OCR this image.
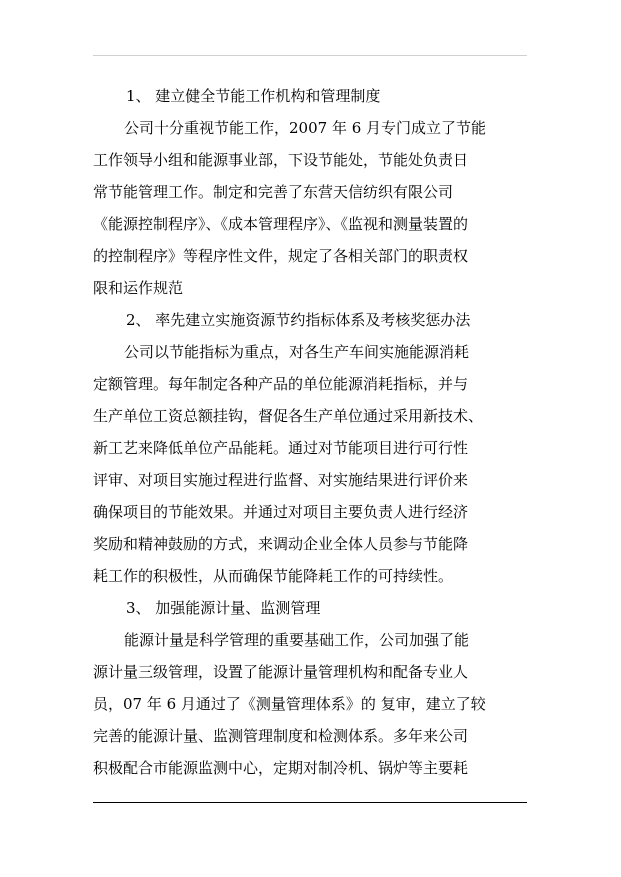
1、 建立健全节能工作机构和管理制度
公司十分重视节能工作，2007 年 6 月专门成立了节能
工作领导小组和能源事业部，下设节能处，节能处负责日
常节能管理工作。制定和完善了东营天信纺织有限公司
《能源控制程序》、《成本管理程序》、《监视和测量装置的
的控制程序》等程序性文件，规定了各相关部门的职责权
限和运作规范
2、 率先建立实施资源节约指标体系及考核奖惩办法
公司以节能指标为重点，对各生产车间实施能源消耗
定额管理。每年制定各种产品的单位能源消耗指标，并与
生产单位工资总额挂钩，督促各生产单位通过采用新技术、
新工艺来降低单位产品能耗。通过对节能项目进行可行性
评审、对项目实施过程进行监督、对实施结果进行评价来
确保项目的节能效果。并通过对项目主要负责人进行经济
奖励和精神鼓励的方式，来调动企业全体人员参与节能降
耗工作的积极性，从而确保节能降耗工作的可持续性。
3、 加强能源计量、监测管理
能源计量是科学管理的重要基础工作，公司加强了能
源计量三级管理，设置了能源计量管理机构和配备专业人
员，07 年 6 月通过了《测量管理体系》的 复审，建立了较
完善的能源计量、监测管理制度和检测体系。多年来公司
积极配合市能源监测中心，定期对制冷机、锅炉等主要耗
